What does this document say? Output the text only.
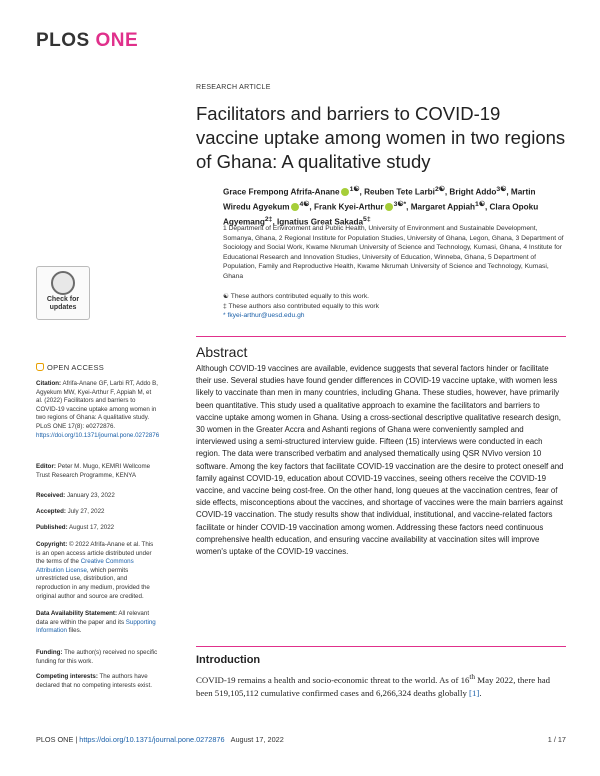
PLOS ONE
RESEARCH ARTICLE
Facilitators and barriers to COVID-19 vaccine uptake among women in two regions of Ghana: A qualitative study
Grace Frempong Afrifa-Anane $^{1☯}$, Reuben Tete Larbi$^{2☯}$, Bright Addo$^{3☯}$, Martin Wiredu Agyekum $^{4☯}$, Frank Kyei-Arthur $^{3☯*}$, Margaret Appiah$^{1☯}$, Clara Opoku Agyemang$^{2\ddagger}$, Ignatius Great Sakada$^{5\ddagger}$
1 Department of Environment and Public Health, University of Environment and Sustainable Development, Somanya, Ghana, 2 Regional Institute for Population Studies, University of Ghana, Legon, Ghana, 3 Department of Sociology and Social Work, Kwame Nkrumah University of Science and Technology, Kumasi, Ghana, 4 Institute for Educational Research and Innovation Studies, University of Education, Winneba, Ghana, 5 Department of Population, Family and Reproductive Health, Kwame Nkrumah University of Science and Technology, Kumasi, Ghana
☯ These authors contributed equally to this work.
‡ These authors also contributed equally to this work
* fkyei-arthur@uesd.edu.gh
Check for
updates
OPEN ACCESS
Citation: Afrifa-Anane GF, Larbi RT, Addo B, Agyekum MW, Kyei-Arthur F, Appiah M, et al. (2022) Facilitators and barriers to COVID-19 vaccine uptake among women in two regions of Ghana: A qualitative study. PLoS ONE 17(8): e0272876. https://doi.org/10.1371/journal.pone.0272876
Editor: Peter M. Mugo, KEMRI Wellcome Trust Research Programme, KENYA
Received: January 23, 2022
Accepted: July 27, 2022
Published: August 17, 2022
Copyright: © 2022 Afrifa-Anane et al. This is an open access article distributed under the terms of the Creative Commons Attribution License, which permits unrestricted use, distribution, and reproduction in any medium, provided the original author and source are credited.
Data Availability Statement: All relevant data are within the paper and its Supporting Information files.
Funding: The author(s) received no specific funding for this work.
Competing interests: The authors have declared that no competing interests exist.
Abstract
Although COVID-19 vaccines are available, evidence suggests that several factors hinder or facilitate their use. Several studies have found gender differences in COVID-19 vaccine uptake, with women less likely to vaccinate than men in many countries, including Ghana. These studies, however, have primarily been quantitative. This study used a qualitative approach to examine the facilitators and barriers to vaccine uptake among women in Ghana. Using a cross-sectional descriptive qualitative research design, 30 women in the Greater Accra and Ashanti regions of Ghana were conveniently sampled and interviewed using a semi-structured interview guide. Fifteen (15) interviews were conducted in each region. The data were transcribed verbatim and analysed thematically using QSR NVivo version 10 software. Among the key factors that facilitate COVID-19 vaccination are the desire to protect oneself and family against COVID-19, education about COVID-19 vaccines, seeing others receive the COVID-19 vaccine, and vaccine being cost-free. On the other hand, long queues at the vaccination centres, fear of side effects, misconceptions about the vaccines, and shortage of vaccines were the main barriers against COVID-19 vaccination. The study results show that individual, institutional, and vaccine-related factors facilitate or hinder COVID-19 vaccination among women. Addressing these factors need continuous comprehensive health education, and ensuring vaccine availability at vaccination sites will improve women's uptake of the COVID-19 vaccines.
Introduction
COVID-19 remains a health and socio-economic threat to the world. As of 16th May 2022, there had been 519,105,112 cumulative confirmed cases and 6,266,324 deaths globally [1].
PLOS ONE | https://doi.org/10.1371/journal.pone.0272876 August 17, 2022	1 / 17
